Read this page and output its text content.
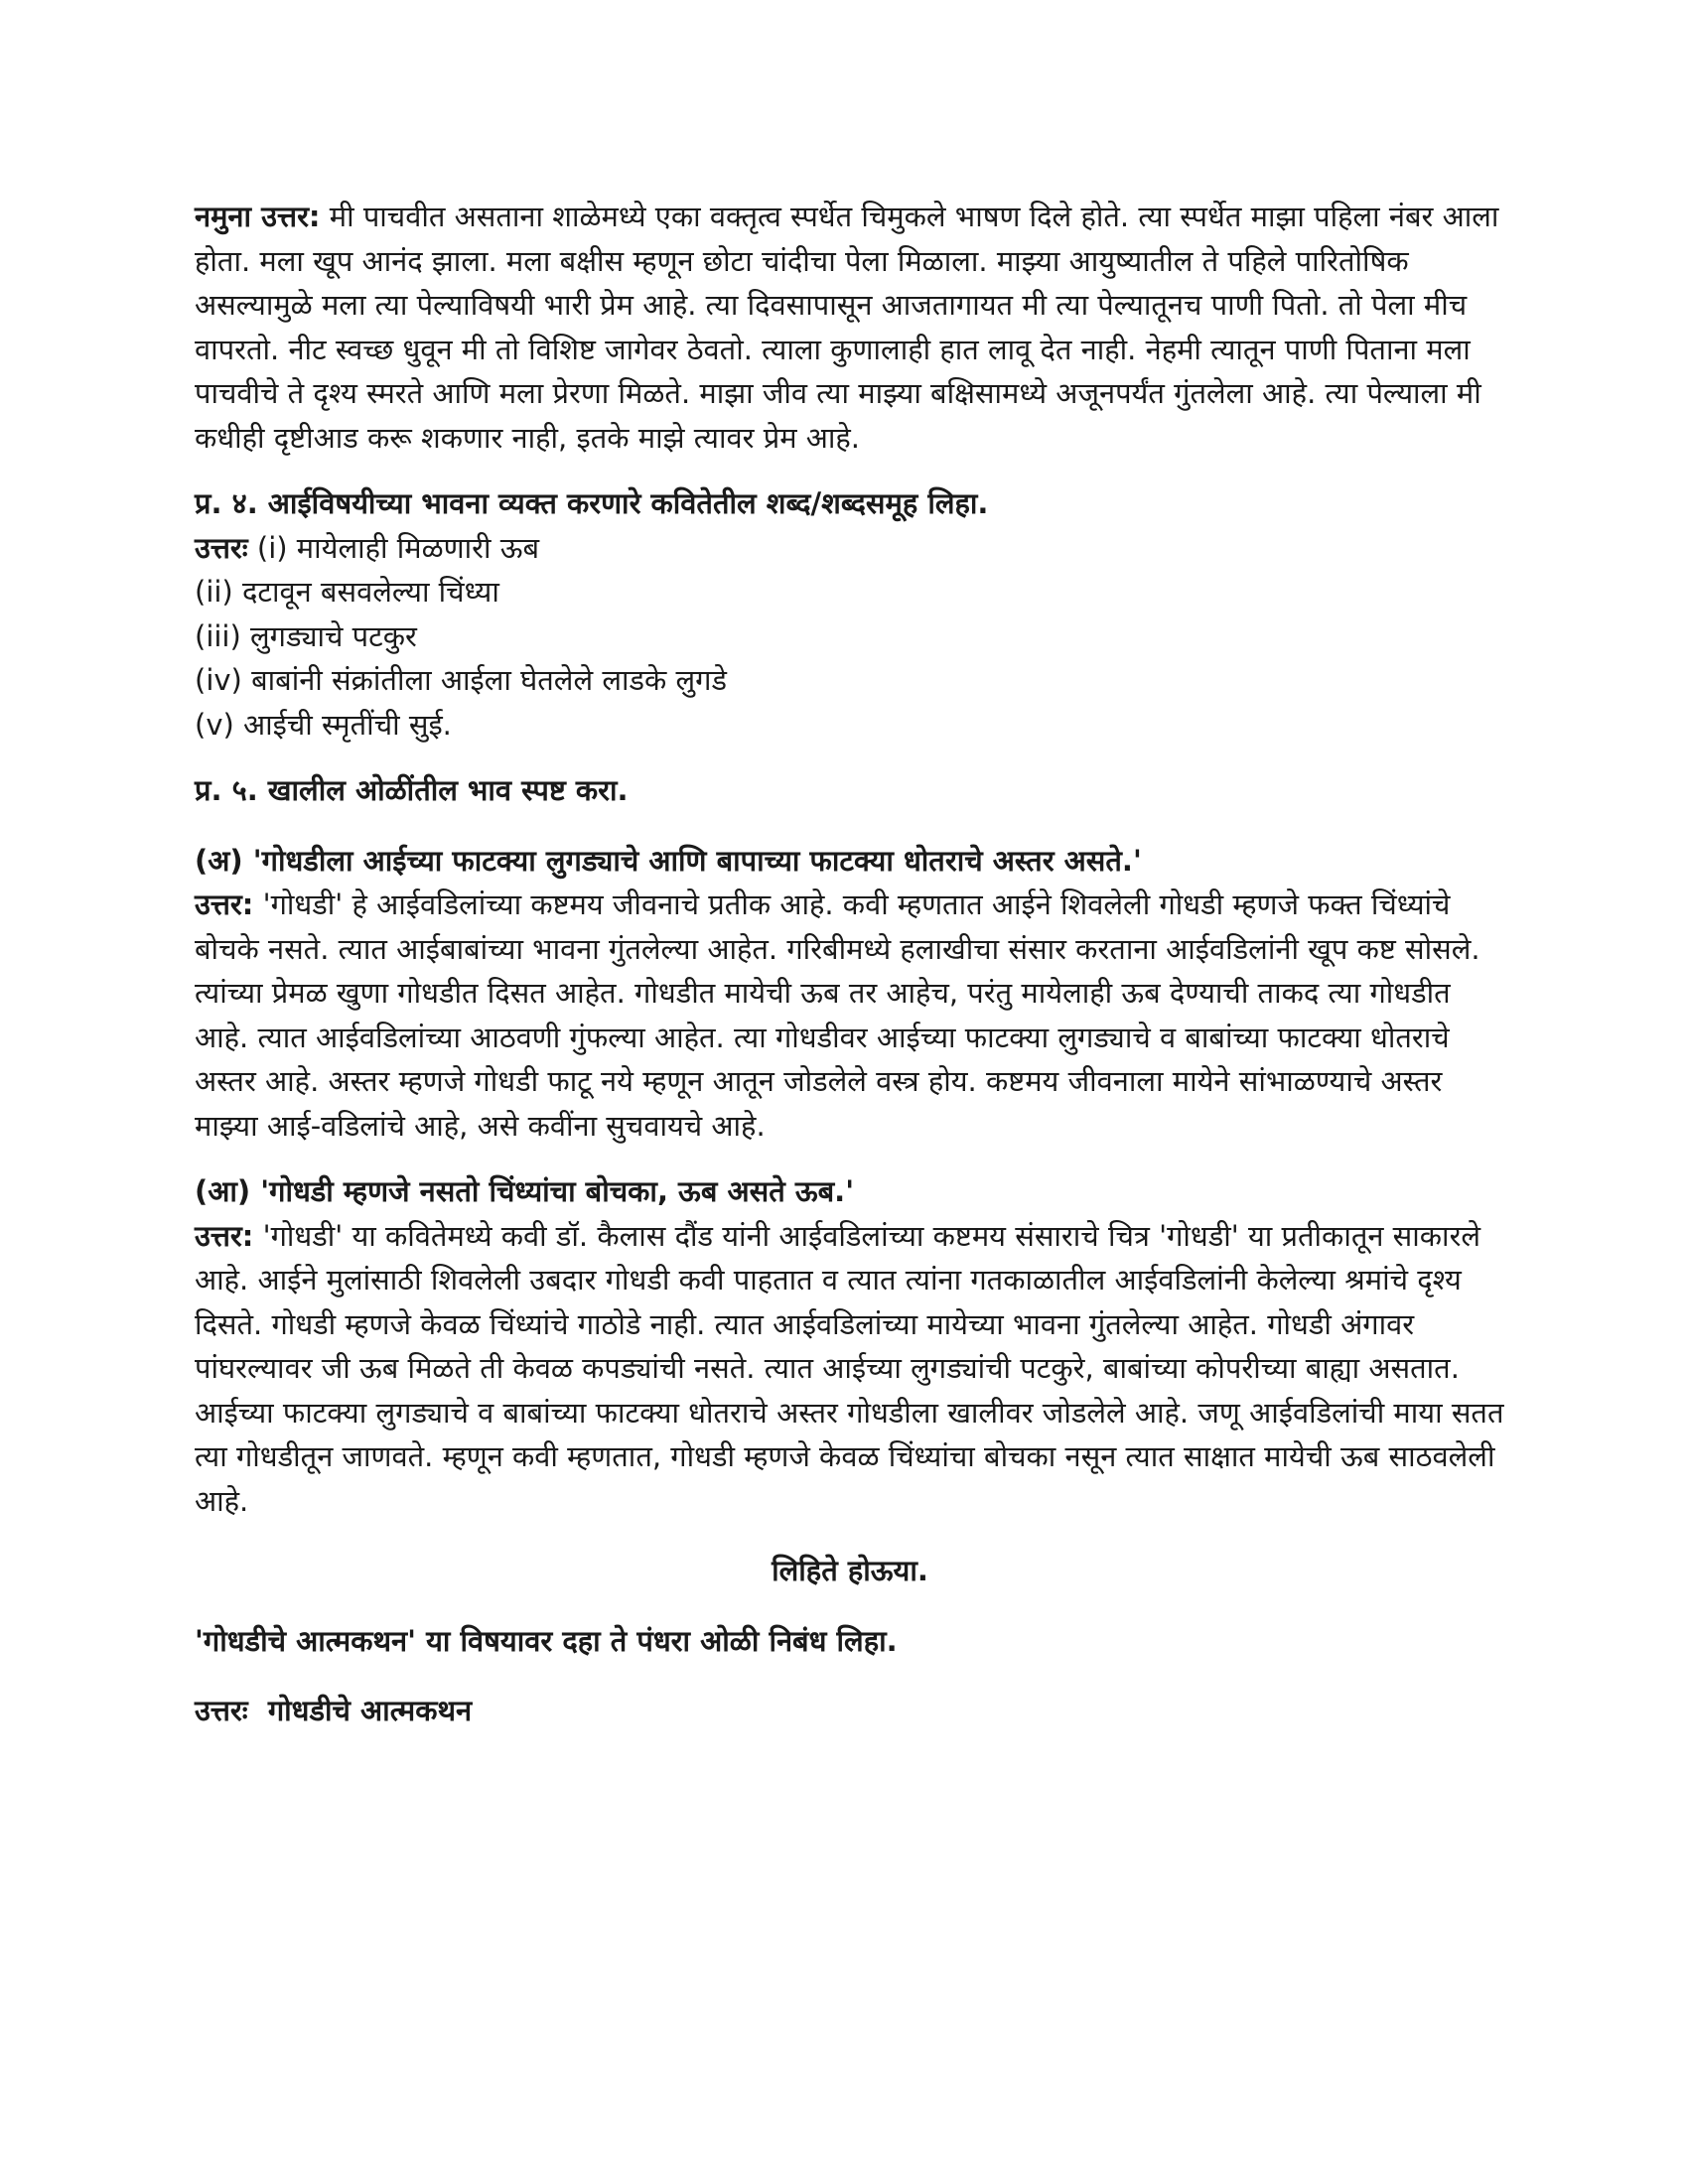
नमुना उत्तर: मी पाचवीत असताना शाळेमध्ये एका वक्तृत्व स्पर्धेत चिमुकले भाषण दिले होते. त्या स्पर्धेत माझा पहिला नंबर आला होता. मला खूप आनंद झाला. मला बक्षीस म्हणून छोटा चांदीचा पेला मिळाला. माझ्या आयुष्यातील ते पहिले पारितोषिक असल्यामुळे मला त्या पेल्याविषयी भारी प्रेम आहे. त्या दिवसापासून आजतागायत मी त्या पेल्यातूनच पाणी पितो. तो पेला मीच वापरतो. नीट स्वच्छ धुवून मी तो विशिष्ट जागेवर ठेवतो. त्याला कुणालाही हात लावू देत नाही. नेहमी त्यातून पाणी पिताना मला पाचवीचे ते दृश्य स्मरते आणि मला प्रेरणा मिळते. माझा जीव त्या माझ्या बक्षिसामध्ये अजूनपर्यंत गुंतलेला आहे. त्या पेल्याला मी कधीही दृष्टीआड करू शकणार नाही, इतके माझे त्यावर प्रेम आहे.

प्र. ४. आईविषयीच्या भावना व्यक्त करणारे कवितेतील शब्द/शब्दसमूह लिहा.

उत्तरः (i) मायेलाही मिळणारी ऊब

(ii) दटावून बसवलेल्या चिंध्या
(iii) लुगड्याचे पटकुर
(iv) बाबांनी संक्रांतीला आईला घेतलेले लाडके लुगडे
(v) आईची स्मृतींची सुई.

प्र. ५. खालील ओळींतील भाव स्पष्ट करा.

(अ) 'गोधडीला आईच्या फाटक्या लुगड्याचे आणि बापाच्या फाटक्या धोतराचे अस्तर असते.'

उत्तर: 'गोधडी' हे आईवडिलांच्या कष्टमय जीवनाचे प्रतीक आहे. कवी म्हणतात आईने शिवलेली गोधडी म्हणजे फक्त चिंध्यांचे बोचके नसते. त्यात आईबाबांच्या भावना गुंतलेल्या आहेत. गरिबीमध्ये हलाखीचा संसार करताना आईवडिलांनी खूप कष्ट सोसले. त्यांच्या प्रेमळ खुणा गोधडीत दिसत आहेत. गोधडीत मायेची ऊब तर आहेच, परंतु मायेलाही ऊब देण्याची ताकद त्या गोधडीत आहे. त्यात आईवडिलांच्या आठवणी गुंफल्या आहेत. त्या गोधडीवर आईच्या फाटक्या लुगड्याचे व बाबांच्या फाटक्या धोतराचे अस्तर आहे. अस्तर म्हणजे गोधडी फाटू नये म्हणून आतून जोडलेले वस्त्र होय. कष्टमय जीवनाला मायेने सांभाळण्याचे अस्तर माझ्या आई-वडिलांचे आहे, असे कवींना सुचवायचे आहे.

(आ) 'गोधडी म्हणजे नसतो चिंध्यांचा बोचका, ऊब असते ऊब.'

उत्तर: 'गोधडी' या कवितेमध्ये कवी डॉ. कैलास दौंड यांनी आईवडिलांच्या कष्टमय संसाराचे चित्र 'गोधडी' या प्रतीकातून साकारले आहे. आईने मुलांसाठी शिवलेली उबदार गोधडी कवी पाहतात व त्यात त्यांना गतकाळातील आईवडिलांनी केलेल्या श्रमांचे दृश्य दिसते. गोधडी म्हणजे केवळ चिंध्यांचे गाठोडे नाही. त्यात आईवडिलांच्या मायेच्या भावना गुंतलेल्या आहेत. गोधडी अंगावर पांघरल्यावर जी ऊब मिळते ती केवळ कपड्यांची नसते. त्यात आईच्या लुगड्यांची पटकुरे, बाबांच्या कोपरीच्या बाह्या असतात. आईच्या फाटक्या लुगड्याचे व बाबांच्या फाटक्या धोतराचे अस्तर गोधडीला खालीवर जोडलेले आहे. जणू आईवडिलांची माया सतत त्या गोधडीतून जाणवते. म्हणून कवी म्हणतात, गोधडी म्हणजे केवळ चिंध्यांचा बोचका नसून त्यात साक्षात मायेची ऊब साठवलेली आहे.

लिहिते होऊया.

'गोधडीचे आत्मकथन' या विषयावर दहा ते पंधरा ओळी निबंध लिहा.

उत्तरः  गोधडीचे आत्मकथन
